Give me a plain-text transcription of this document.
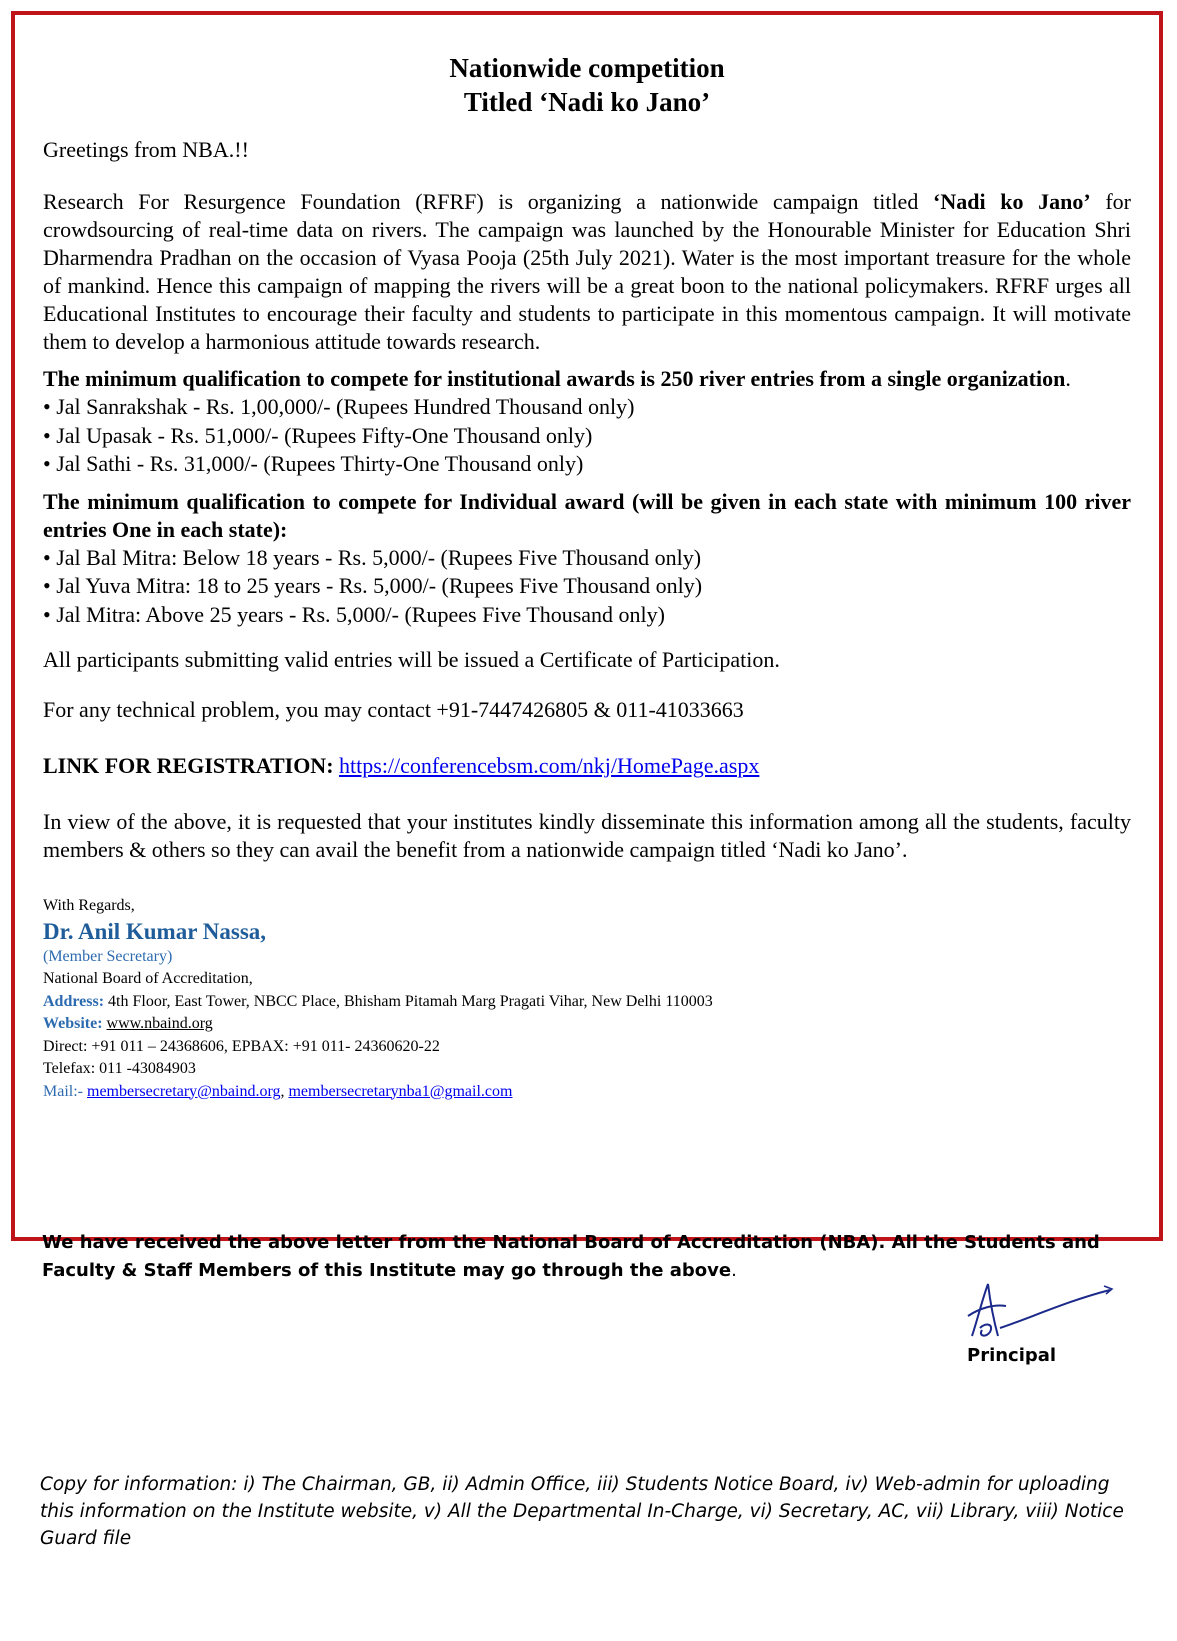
Nationwide competition
Titled ‘Nadi ko Jano’

Greetings from NBA.!!

Research For Resurgence Foundation (RFRF) is organizing a nationwide campaign titled ‘Nadi ko Jano’ for crowdsourcing of real-time data on rivers. The campaign was launched by the Honourable Minister for Education Shri Dharmendra Pradhan on the occasion of Vyasa Pooja (25th July 2021). Water is the most important treasure for the whole of mankind. Hence this campaign of mapping the rivers will be a great boon to the national policymakers. RFRF urges all Educational Institutes to encourage their faculty and students to participate in this momentous campaign. It will motivate them to develop a harmonious attitude towards research.

The minimum qualification to compete for institutional awards is 250 river entries from a single organization.

• Jal Sanrakshak - Rs. 1,00,000/- (Rupees Hundred Thousand only)
• Jal Upasak - Rs. 51,000/- (Rupees Fifty-One Thousand only)
• Jal Sathi - Rs. 31,000/- (Rupees Thirty-One Thousand only)

The minimum qualification to compete for Individual award (will be given in each state with minimum 100 river entries One in each state):

• Jal Bal Mitra: Below 18 years - Rs. 5,000/- (Rupees Five Thousand only)
• Jal Yuva Mitra: 18 to 25 years - Rs. 5,000/- (Rupees Five Thousand only)
• Jal Mitra: Above 25 years - Rs. 5,000/- (Rupees Five Thousand only)

All participants submitting valid entries will be issued a Certificate of Participation.

For any technical problem, you may contact +91-7447426805 & 011-41033663

LINK FOR REGISTRATION: https://conferencebsm.com/nkj/HomePage.aspx

In view of the above, it is requested that your institutes kindly disseminate this information among all the students, faculty members & others so they can avail the benefit from a nationwide campaign titled ‘Nadi ko Jano’.

With Regards,
Dr. Anil Kumar Nassa,
(Member Secretary)
National Board of Accreditation,
Address: 4th Floor, East Tower, NBCC Place, Bhisham Pitamah Marg Pragati Vihar, New Delhi 110003
Website: www.nbaind.org
Direct: +91 011 – 24368606, EPBAX: +91 011- 24360620-22
Telefax: 011 -43084903
Mail:- membersecretary@nbaind.org, membersecretarynba1@gmail.com

We have received the above letter from the National Board of Accreditation (NBA). All the Students and Faculty & Staff Members of this Institute may go through the above.

Principal

Copy for information: i) The Chairman, GB, ii) Admin Office, iii) Students Notice Board, iv) Web-admin for uploading this information on the Institute website, v) All the Departmental In-Charge, vi) Secretary, AC, vii) Library, viii) Notice Guard file
